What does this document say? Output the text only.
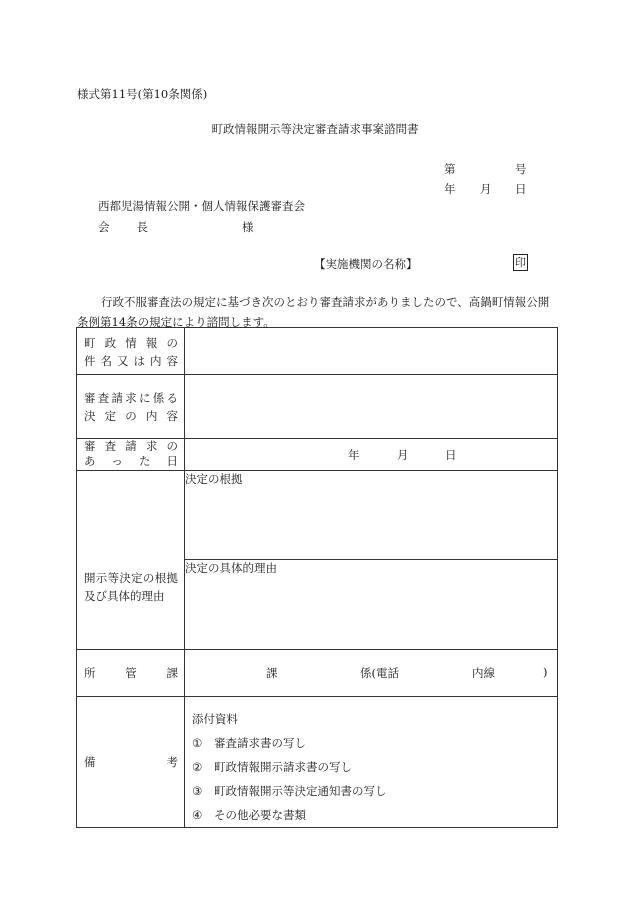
様式第11号(第10条関係)
町政情報開示等決定審査請求事案諮問書
第	号
年 月 日
西都児湯情報公開・個人情報保護審査会
会長	様
【実施機関の名称】	印
行政不服審査法の規定に基づき次のとおり審査請求がありましたので、高鍋町情報公開条例第14条の規定により諮問します。
町政情報の
件名又は内容	

審査請求に係る
決定の内容	

審査請求の
あった日	年 月 日

開示等決定の根拠
及び具体的理由	決定の根拠
	決定の具体的理由

所管課	課 係(電話 内線 )

備考	添付資料
① 審査請求書の写し
② 町政情報開示請求書の写し
③ 町政情報開示等決定通知書の写し
④ その他必要な書類
